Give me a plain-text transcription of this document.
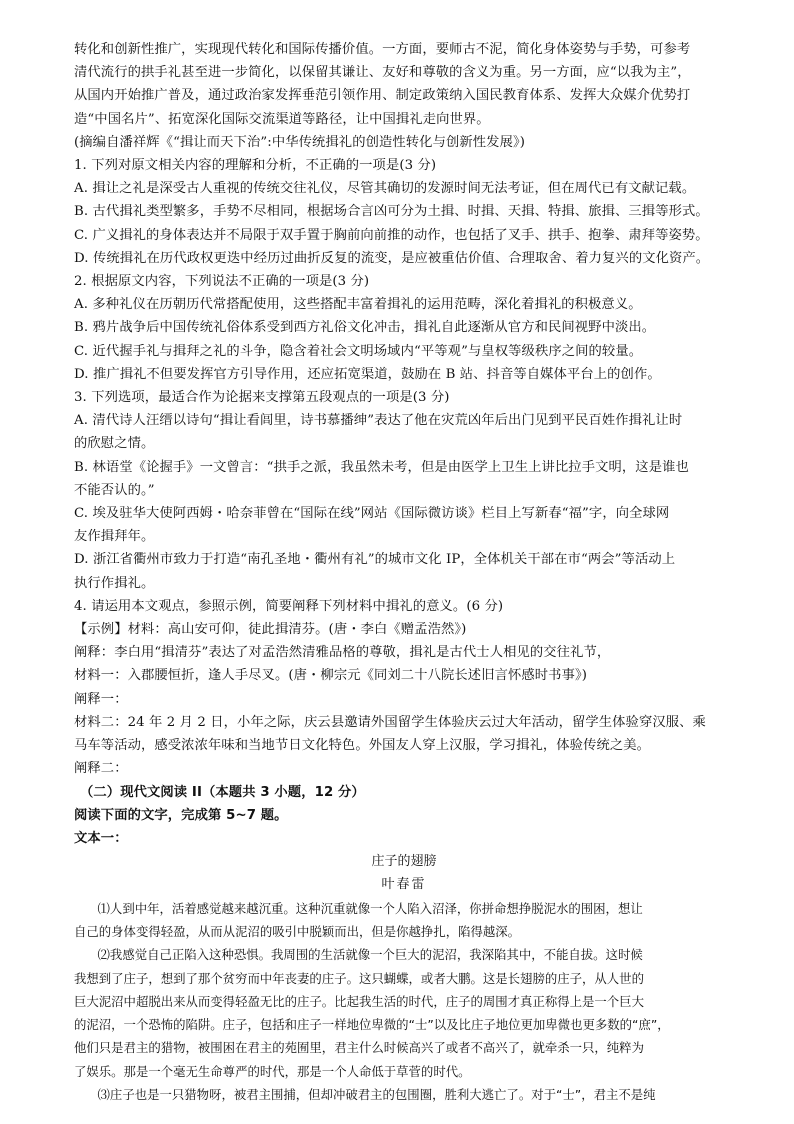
转化和创新性推广，实现现代转化和国际传播价值。一方面，要师古不泥，简化身体姿势与手势，可参考

清代流行的拱手礼甚至进一步简化，以保留其谦让、友好和尊敬的含义为重。另一方面，应“以我为主”，

从国内开始推广普及，通过政治家发挥垂范引领作用、制定政策纳入国民教育体系、发挥大众媒介优势打

造“中国名片”、拓宽深化国际交流渠道等路径，让中国揖礼走向世界。

(摘编自潘祥辉《“揖让而天下治”:中华传统揖礼的创造性转化与创新性发展》)

1. 下列对原文相关内容的理解和分析，不正确的一项是(3 分)

A. 揖让之礼是深受古人重视的传统交往礼仪，尽管其确切的发源时间无法考证，但在周代已有文献记载。

B. 古代揖礼类型繁多，手势不尽相同，根据场合言凶可分为土揖、时揖、天揖、特揖、旅揖、三揖等形式。

C. 广义揖礼的身体表达并不局限于双手置于胸前向前推的动作，也包括了叉手、拱手、抱拳、肃拜等姿势。

D. 传统揖礼在历代政权更迭中经历过曲折反复的流变，是应被重估价值、合理取舍、着力复兴的文化资产。

2. 根据原文内容，下列说法不正确的一项是(3 分)

A. 多种礼仪在历朝历代常搭配使用，这些搭配丰富着揖礼的运用范畴，深化着揖礼的积极意义。

B. 鸦片战争后中国传统礼俗体系受到西方礼俗文化冲击，揖礼自此逐渐从官方和民间视野中淡出。

C. 近代握手礼与揖拜之礼的斗争，隐含着社会文明场域内“平等观”与皇权等级秩序之间的较量。

D. 推广揖礼不但要发挥官方引导作用，还应拓宽渠道，鼓励在 B 站、抖音等自媒体平台上的创作。

3. 下列选项，最适合作为论据来支撑第五段观点的一项是(3 分)

A. 清代诗人汪缙以诗句“揖让看闾里，诗书慕播绅”表达了他在灾荒凶年后出门见到平民百姓作揖礼让时

的欣慰之情。

B. 林语堂《论握手》一文曾言：“拱手之派，我虽然未考，但是由医学上卫生上讲比拉手文明，这是谁也

不能否认的。”

C. 埃及驻华大使阿西姆・哈奈菲曾在“国际在线”网站《国际微访谈》栏目上写新春“福”字，向全球网

友作揖拜年。

D. 浙江省衢州市致力于打造“南孔圣地・衢州有礼”的城市文化 IP，全体机关干部在市“两会”等活动上

执行作揖礼。

4. 请运用本文观点，参照示例，简要阐释下列材料中揖礼的意义。(6 分)

【示例】材料：高山安可仰，徒此揖清芬。(唐・李白《赠孟浩然》)

阐释：李白用“揖清芬”表达了对孟浩然清雅品格的尊敬，揖礼是古代士人相见的交往礼节，

材料一：入郡腰恒折，逢人手尽叉。(唐・柳宗元《同刘二十八院长述旧言怀感时书事》)

阐释一：

材料二：24 年 2 月 2 日，小年之际，庆云县邀请外国留学生体验庆云过大年活动，留学生体验穿汉服、乘

马车等活动，感受浓浓年味和当地节日文化特色。外国友人穿上汉服，学习揖礼，体验传统之美。

阐释二：

（二）现代文阅读 II（本题共 3 小题，12 分）

阅读下面的文字，完成第 5~7 题。

文本一：

庄子的翅膀

叶春雷

⑴人到中年，活着感觉越来越沉重。这种沉重就像一个人陷入沼泽，你拼命想挣脱泥水的围困，想让

自己的身体变得轻盈，从而从泥沼的吸引中脱颖而出，但是你越挣扎，陷得越深。

⑵我感觉自己正陷入这种恐惧。我周围的生活就像一个巨大的泥沼，我深陷其中，不能自拔。这时候

我想到了庄子，想到了那个贫穷而中年丧妻的庄子。这只蝴蝶，或者大鹏。这是长翅膀的庄子，从人世的

巨大泥沼中超脱出来从而变得轻盈无比的庄子。比起我生活的时代，庄子的周围才真正称得上是一个巨大

的泥沼，一个恐怖的陷阱。庄子，包括和庄子一样地位卑微的“士”以及比庄子地位更加卑微也更多数的“庶”，

他们只是君主的猎物，被围困在君主的苑囿里，君主什么时候高兴了或者不高兴了，就牵杀一只，纯粹为

了娱乐。那是一个毫无生命尊严的时代，那是一个人命低于草菅的时代。

⑶庄子也是一只猎物呀，被君主围捕，但却冲破君主的包围圈，胜利大逃亡了。对于“士”，君主不是纯
